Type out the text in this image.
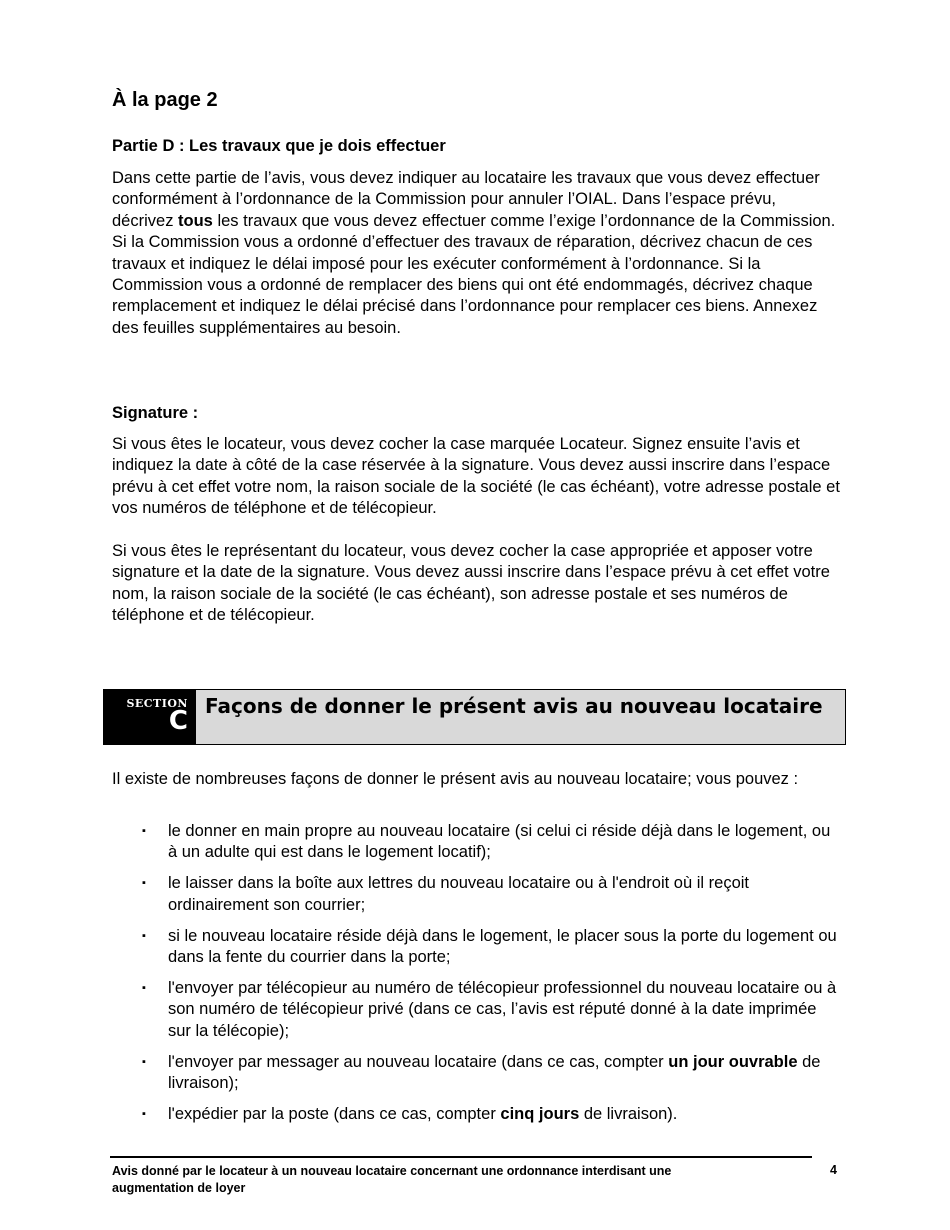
À la page 2
Partie D : Les travaux que je dois effectuer

Dans cette partie de l’avis, vous devez indiquer au locataire les travaux que vous devez effectuer conformément à l’ordonnance de la Commission pour annuler l’OIAL. Dans l’espace prévu, décrivez tous les travaux que vous devez effectuer comme l’exige l’ordonnance de la Commission. Si la Commission vous a ordonné d’effectuer des travaux de réparation, décrivez chacun de ces travaux et indiquez le délai imposé pour les exécuter conformément à l’ordonnance. Si la Commission vous a ordonné de remplacer des biens qui ont été endommagés, décrivez chaque remplacement et indiquez le délai précisé dans l’ordonnance pour remplacer ces biens. Annexez des feuilles supplémentaires au besoin.

Signature :

Si vous êtes le locateur, vous devez cocher la case marquée Locateur. Signez ensuite l’avis et indiquez la date à côté de la case réservée à la signature. Vous devez aussi inscrire dans l’espace prévu à cet effet votre nom, la raison sociale de la société (le cas échéant), votre adresse postale et vos numéros de téléphone et de télécopieur.

Si vous êtes le représentant du locateur, vous devez cocher la case appropriée et apposer votre signature et la date de la signature. Vous devez aussi inscrire dans l’espace prévu à cet effet votre nom, la raison sociale de la société (le cas échéant), son adresse postale et ses numéros de téléphone et de télécopieur.

SECTION
C Façons de donner le présent avis au nouveau locataire

Il existe de nombreuses façons de donner le présent avis au nouveau locataire; vous pouvez :

▪ le donner en main propre au nouveau locataire (si celui ci réside déjà dans le logement, ou à un adulte qui est dans le logement locatif);
▪ le laisser dans la boîte aux lettres du nouveau locataire ou à l'endroit où il reçoit ordinairement son courrier;
▪ si le nouveau locataire réside déjà dans le logement, le placer sous la porte du logement ou dans la fente du courrier dans la porte;
▪ l'envoyer par télécopieur au numéro de télécopieur professionnel du nouveau locataire ou à son numéro de télécopieur privé (dans ce cas, l’avis est réputé donné à la date imprimée sur la télécopie);
▪ l'envoyer par messager au nouveau locataire (dans ce cas, compter un jour ouvrable de livraison);
▪ l'expédier par la poste (dans ce cas, compter cinq jours de livraison).

Avis donné par le locateur à un nouveau locataire concernant une ordonnance interdisant une augmentation de loyer

4
